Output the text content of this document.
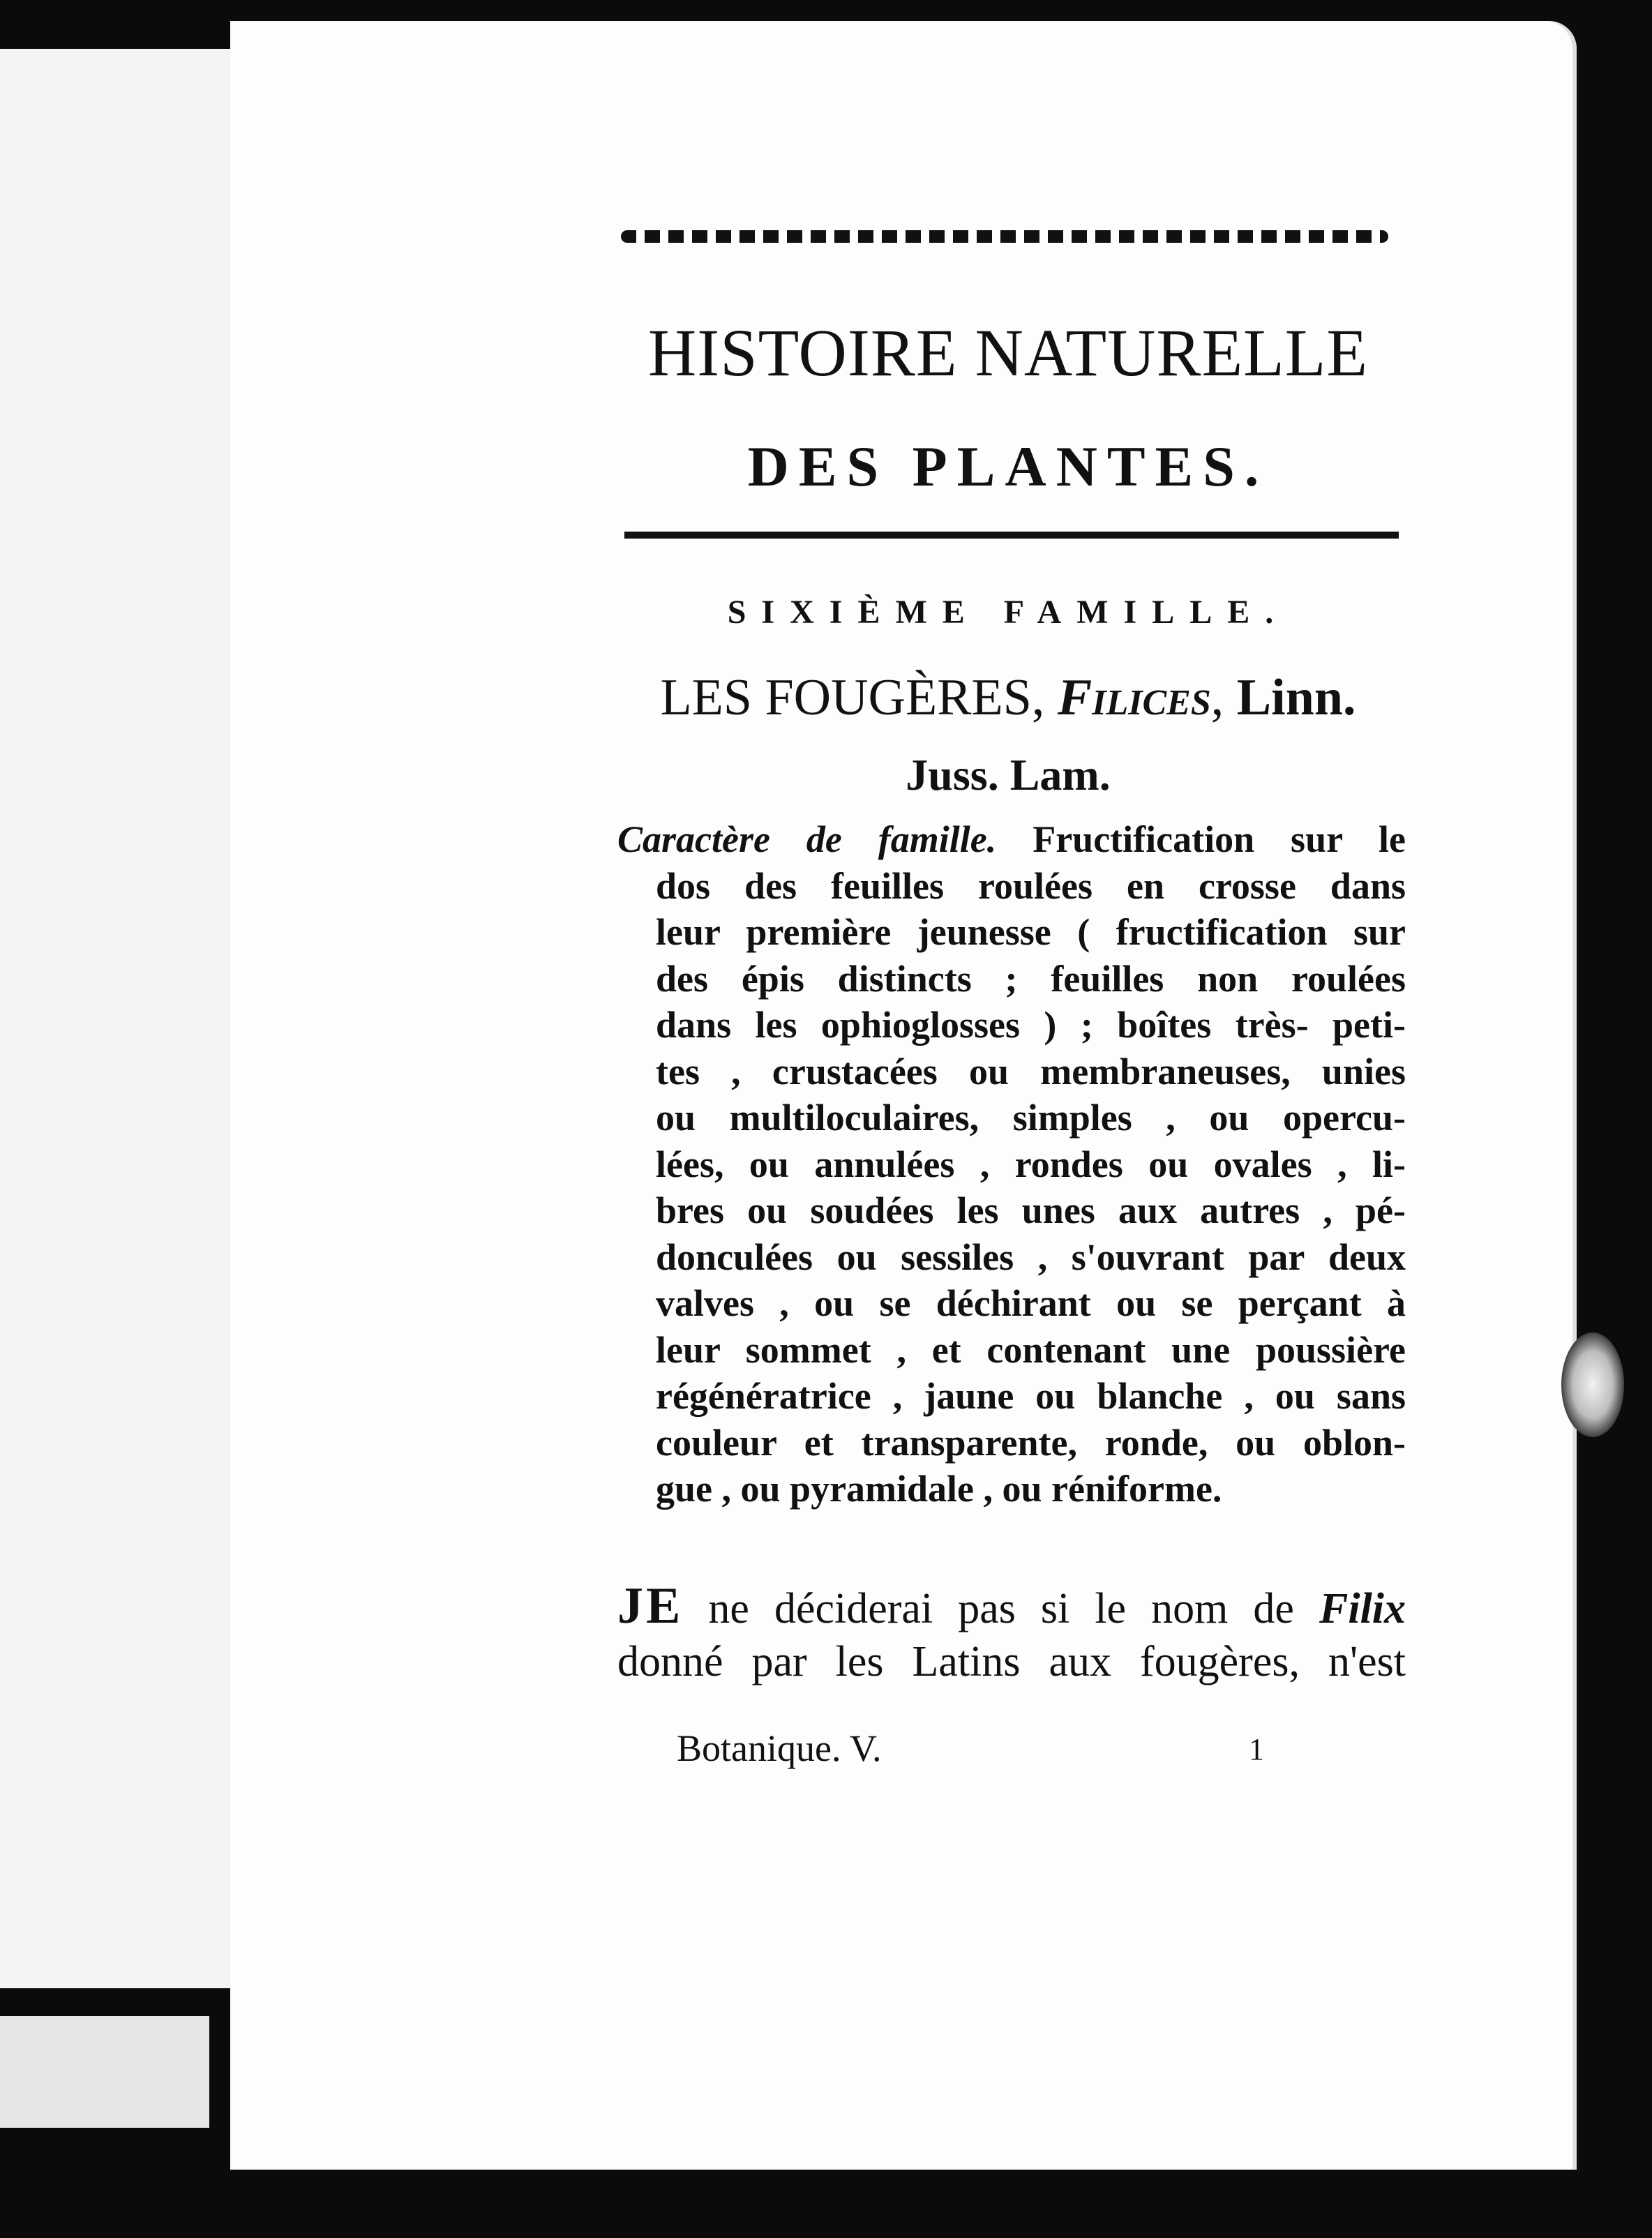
HISTOIRE NATURELLE
DES PLANTES.
SIXIÈME FAMILLE.
LES FOUGÈRES, Filices, Linn.
Juss. Lam.
Caractère de famille. Fructification sur le
dos des feuilles roulées en crosse dans
leur première jeunesse ( fructification sur
des épis distincts ; feuilles non roulées
dans les ophioglosses ) ; boîtes très- peti-
tes , crustacées ou membraneuses, unies
ou multiloculaires, simples , ou opercu-
lées, ou annulées , rondes ou ovales , li-
bres ou soudées les unes aux autres , pé-
donculées ou sessiles , s'ouvrant par deux
valves , ou se déchirant ou se perçant à
leur sommet , et contenant une poussière
régénératrice , jaune ou blanche , ou sans
couleur et transparente, ronde, ou oblon-
gue , ou pyramidale , ou réniforme.
JE ne déciderai pas si le nom de Filix
donné par les Latins aux fougères, n'est
Botanique. V.	1
